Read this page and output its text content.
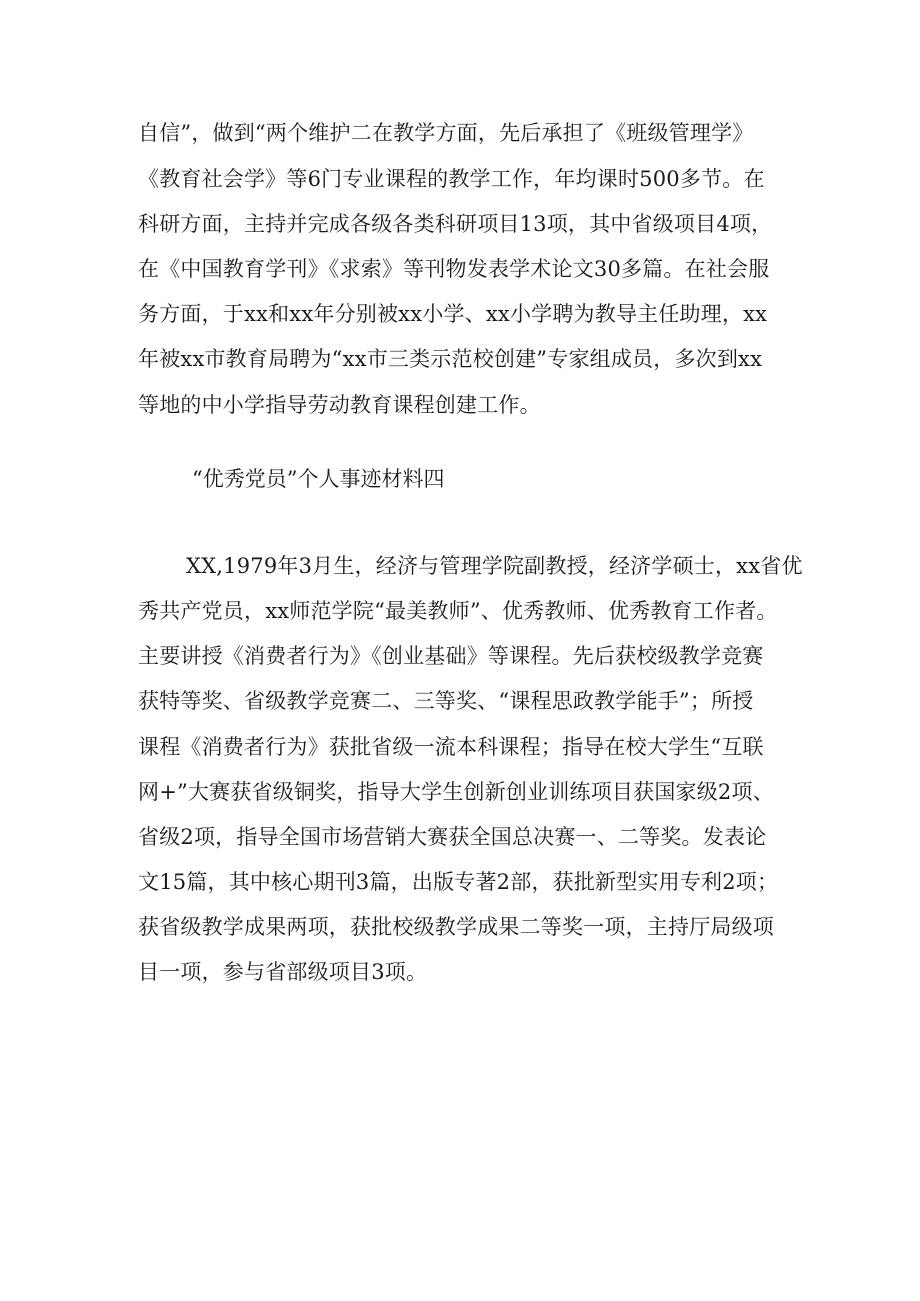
自信”，做到“两个维护二在教学方面，先后承担了《班级管理学》
《教育社会学》等6门专业课程的教学工作，年均课时500多节。在
科研方面，主持并完成各级各类科研项目13项，其中省级项目4项，
在《中国教育学刊》《求索》等刊物发表学术论文30多篇。在社会服
务方面，于xx和xx年分别被xx小学、xx小学聘为教导主任助理，xx
年被xx市教育局聘为“xx市三类示范校创建”专家组成员，多次到xx
等地的中小学指导劳动教育课程创建工作。
“优秀党员”个人事迹材料四
XX,1979年3月生，经济与管理学院副教授，经济学硕士，xx省优
秀共产党员，xx师范学院“最美教师”、优秀教师、优秀教育工作者。
主要讲授《消费者行为》《创业基础》等课程。先后获校级教学竞赛
获特等奖、省级教学竞赛二、三等奖、“课程思政教学能手”；所授
课程《消费者行为》获批省级一流本科课程；指导在校大学生“互联
网+”大赛获省级铜奖，指导大学生创新创业训练项目获国家级2项、
省级2项，指导全国市场营销大赛获全国总决赛一、二等奖。发表论
文15篇，其中核心期刊3篇，出版专著2部，获批新型实用专利2项；
获省级教学成果两项，获批校级教学成果二等奖一项，主持厅局级项
目一项，参与省部级项目3项。
